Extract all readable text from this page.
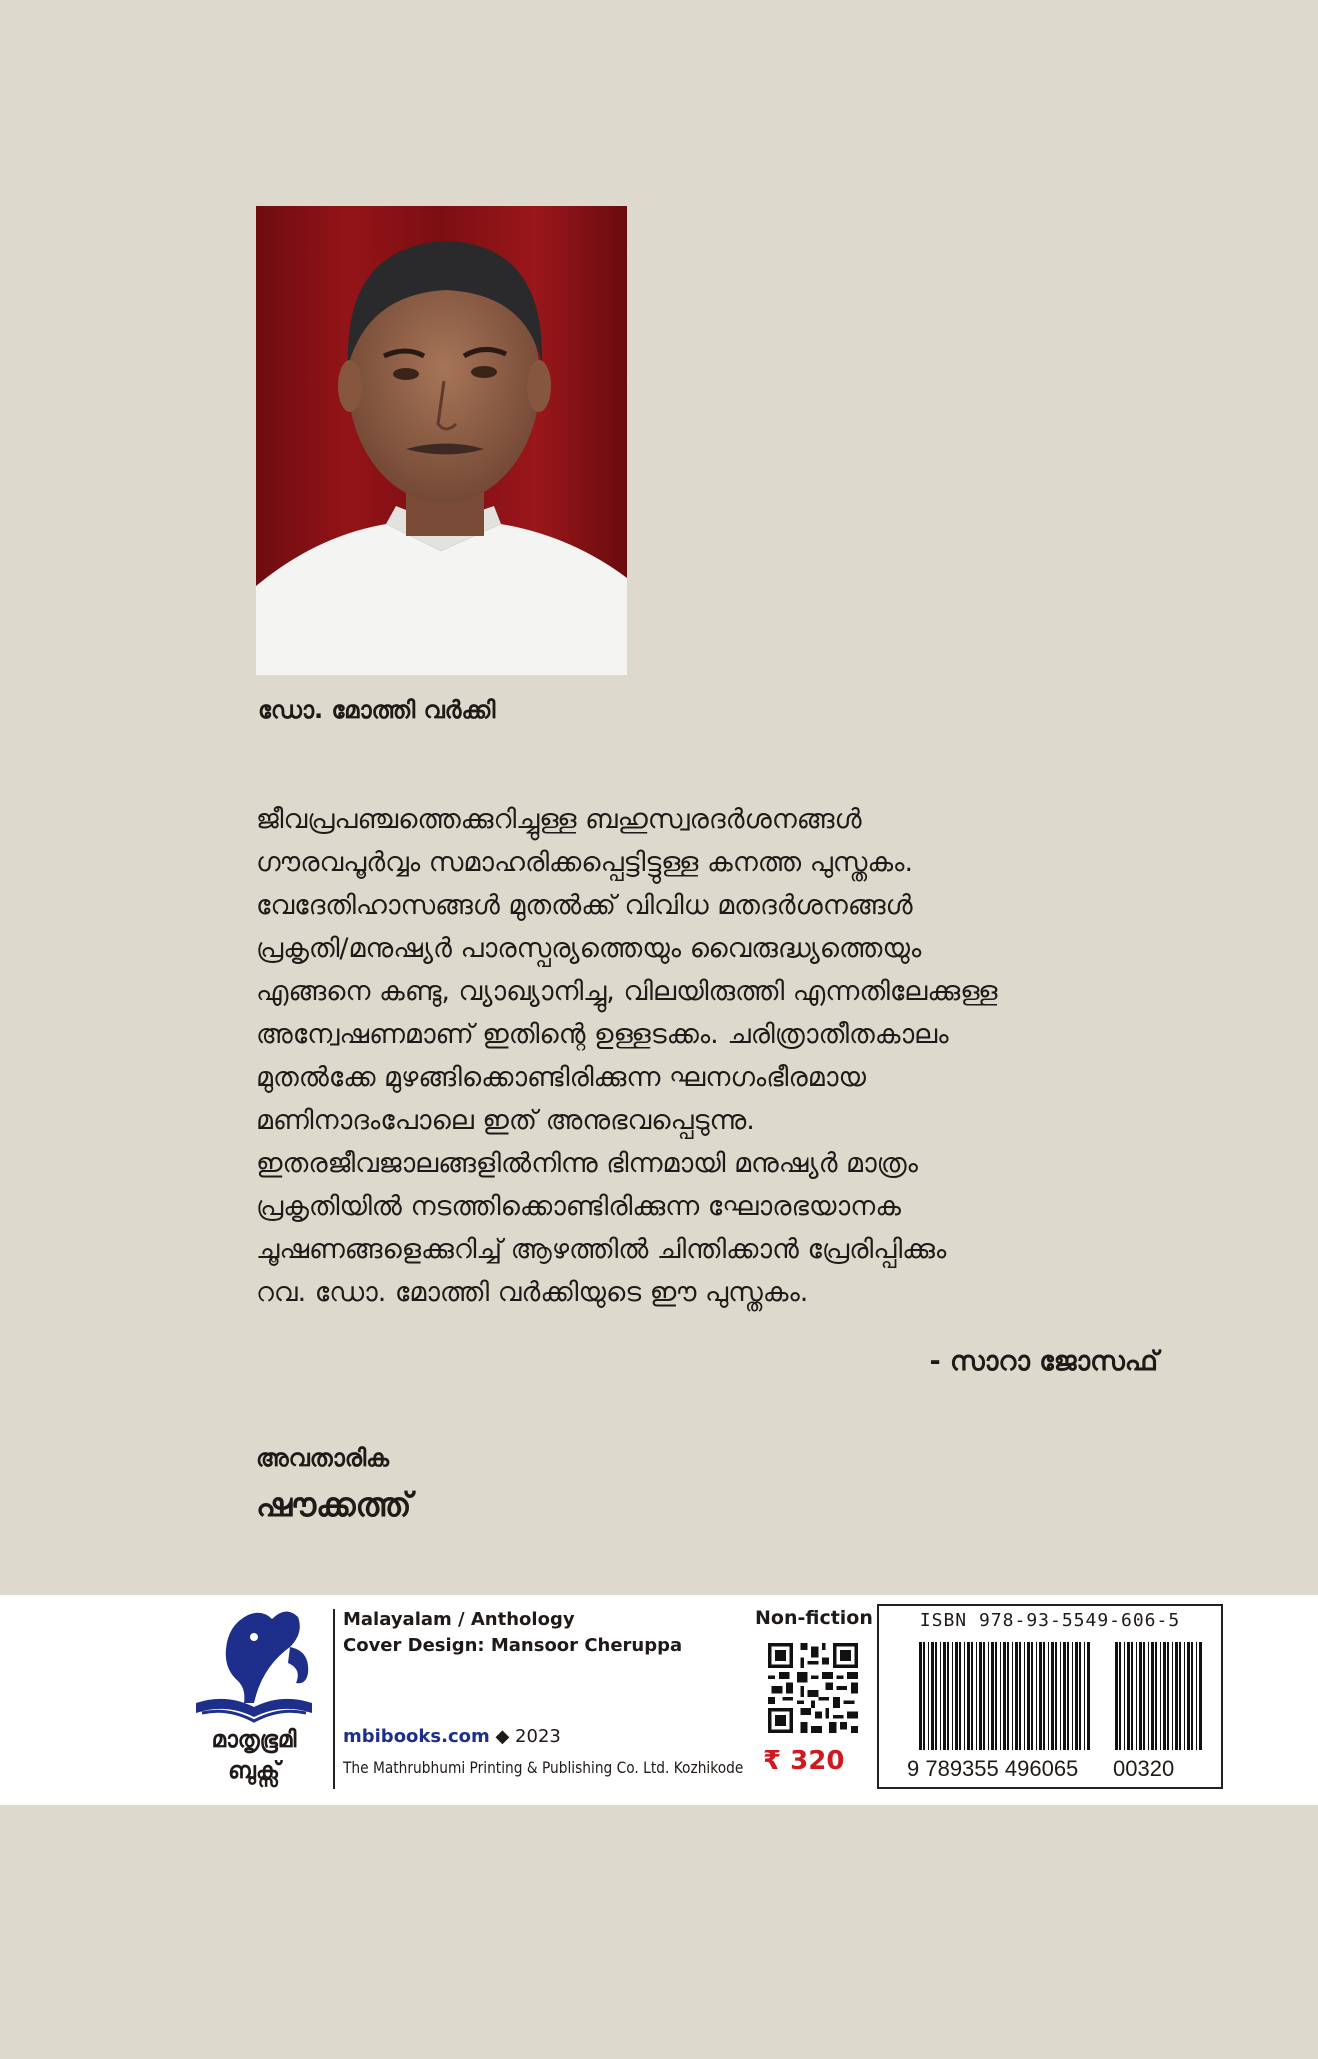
ഡോ. മോത്തി വർക്കി
ജീവപ്രപഞ്ചത്തെക്കുറിച്ചുള്ള ബഹുസ്വരദർശനങ്ങൾ
ഗൗരവപൂർവ്വം സമാഹരിക്കപ്പെട്ടിട്ടുള്ള കനത്ത പുസ്തകം.
വേദേതിഹാസങ്ങൾ മുതൽക്ക് വിവിധ മതദർശനങ്ങൾ
പ്രകൃതി/മനുഷ്യർ പാരസ്പര്യത്തെയും വൈരുദ്ധ്യത്തെയും
എങ്ങനെ കണ്ടു, വ്യാഖ്യാനിച്ചു, വിലയിരുത്തി എന്നതിലേക്കുള്ള
അന്വേഷണമാണ് ഇതിന്റെ ഉള്ളടക്കം. ചരിത്രാതീതകാലം
മുതൽക്കേ മുഴങ്ങിക്കൊണ്ടിരിക്കുന്ന ഘനഗംഭീരമായ
മണിനാദംപോലെ ഇത് അനുഭവപ്പെടുന്നു.
ഇതരജീവജാലങ്ങളിൽനിന്നു ഭിന്നമായി മനുഷ്യർ മാത്രം
പ്രകൃതിയിൽ നടത്തിക്കൊണ്ടിരിക്കുന്ന ഘോരഭയാനക
ചൂഷണങ്ങളെക്കുറിച്ച് ആഴത്തിൽ ചിന്തിക്കാൻ പ്രേരിപ്പിക്കും
റവ. ഡോ. മോത്തി വർക്കിയുടെ ഈ പുസ്തകം.
- സാറാ ജോസഫ്
അവതാരിക
ഷൗക്കത്ത്
മാതൃഭൂമി
ബുക്സ്
Malayalam / Anthology
Cover Design: Mansoor Cheruppa
mbibooks.com ◆ 2023
The Mathrubhumi Printing & Publishing Co. Ltd. Kozhikode
Non-fiction
₹ 320
ISBN 978-93-5549-606-5
9 789355 496065 00320
